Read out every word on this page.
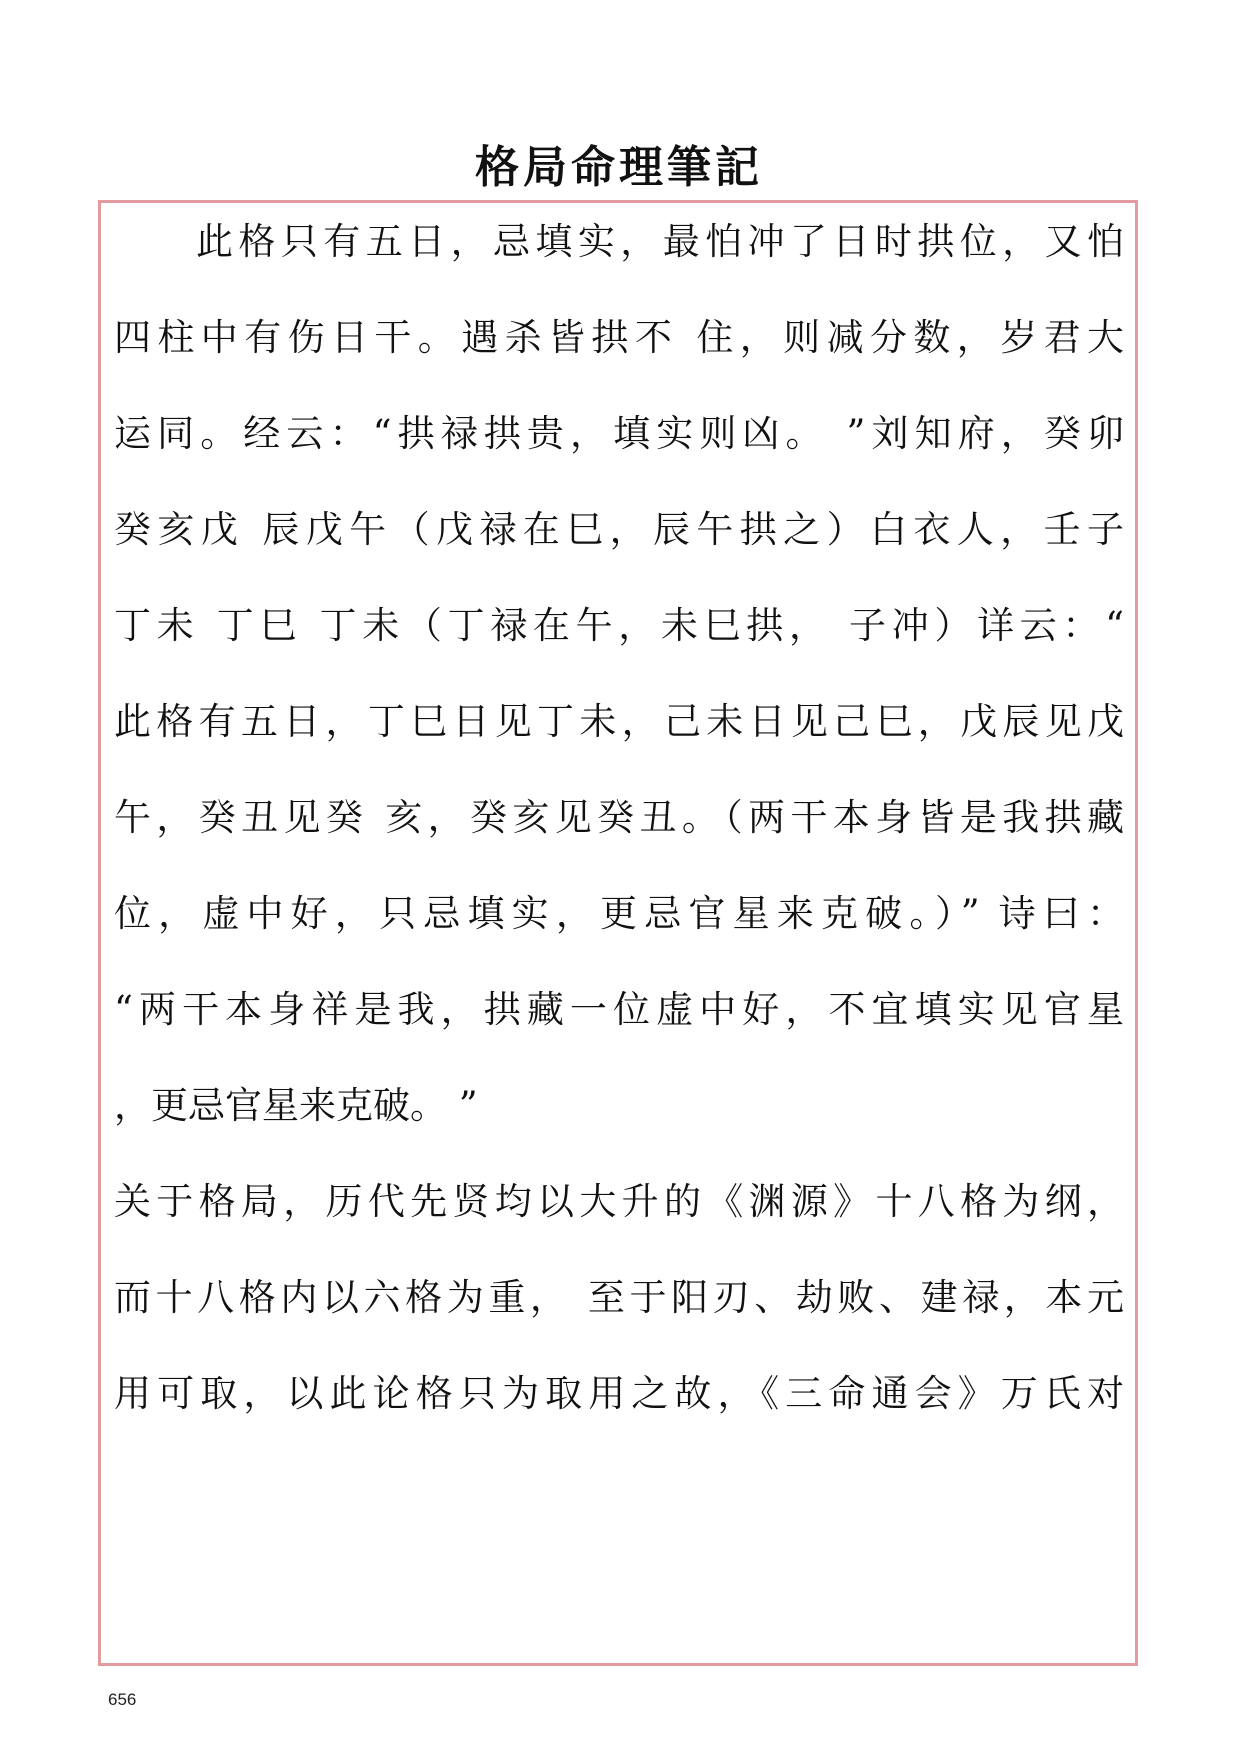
格局命理筆記
此格只有五日，忌填实，最怕冲了日时拱位，又怕
四柱中有伤日干。遇杀皆拱不 住，则减分数，岁君大
运同。经云：“拱禄拱贵，填实则凶。 ”刘知府，癸卯
癸亥戊 辰戊午（戊禄在巳，辰午拱之）白衣人，壬子
丁未 丁巳 丁未（丁禄在午，未巳拱， 子冲）详云：“
此格有五日，丁巳日见丁未，己未日见己巳，戊辰见戊
午，癸丑见癸 亥，癸亥见癸丑。（两干本身皆是我拱藏
位，虚中好，只忌填实，更忌官星来克破。）” 诗曰：
“两干本身祥是我，拱藏一位虚中好，不宜填实见官星
，更忌官星来克破。 ”
关于格局，历代先贤均以大升的《渊源》十八格为纲，
而十八格内以六格为重， 至于阳刃、劫败、建禄，本元
用可取，以此论格只为取用之故，《三命通会》万氏对
656
